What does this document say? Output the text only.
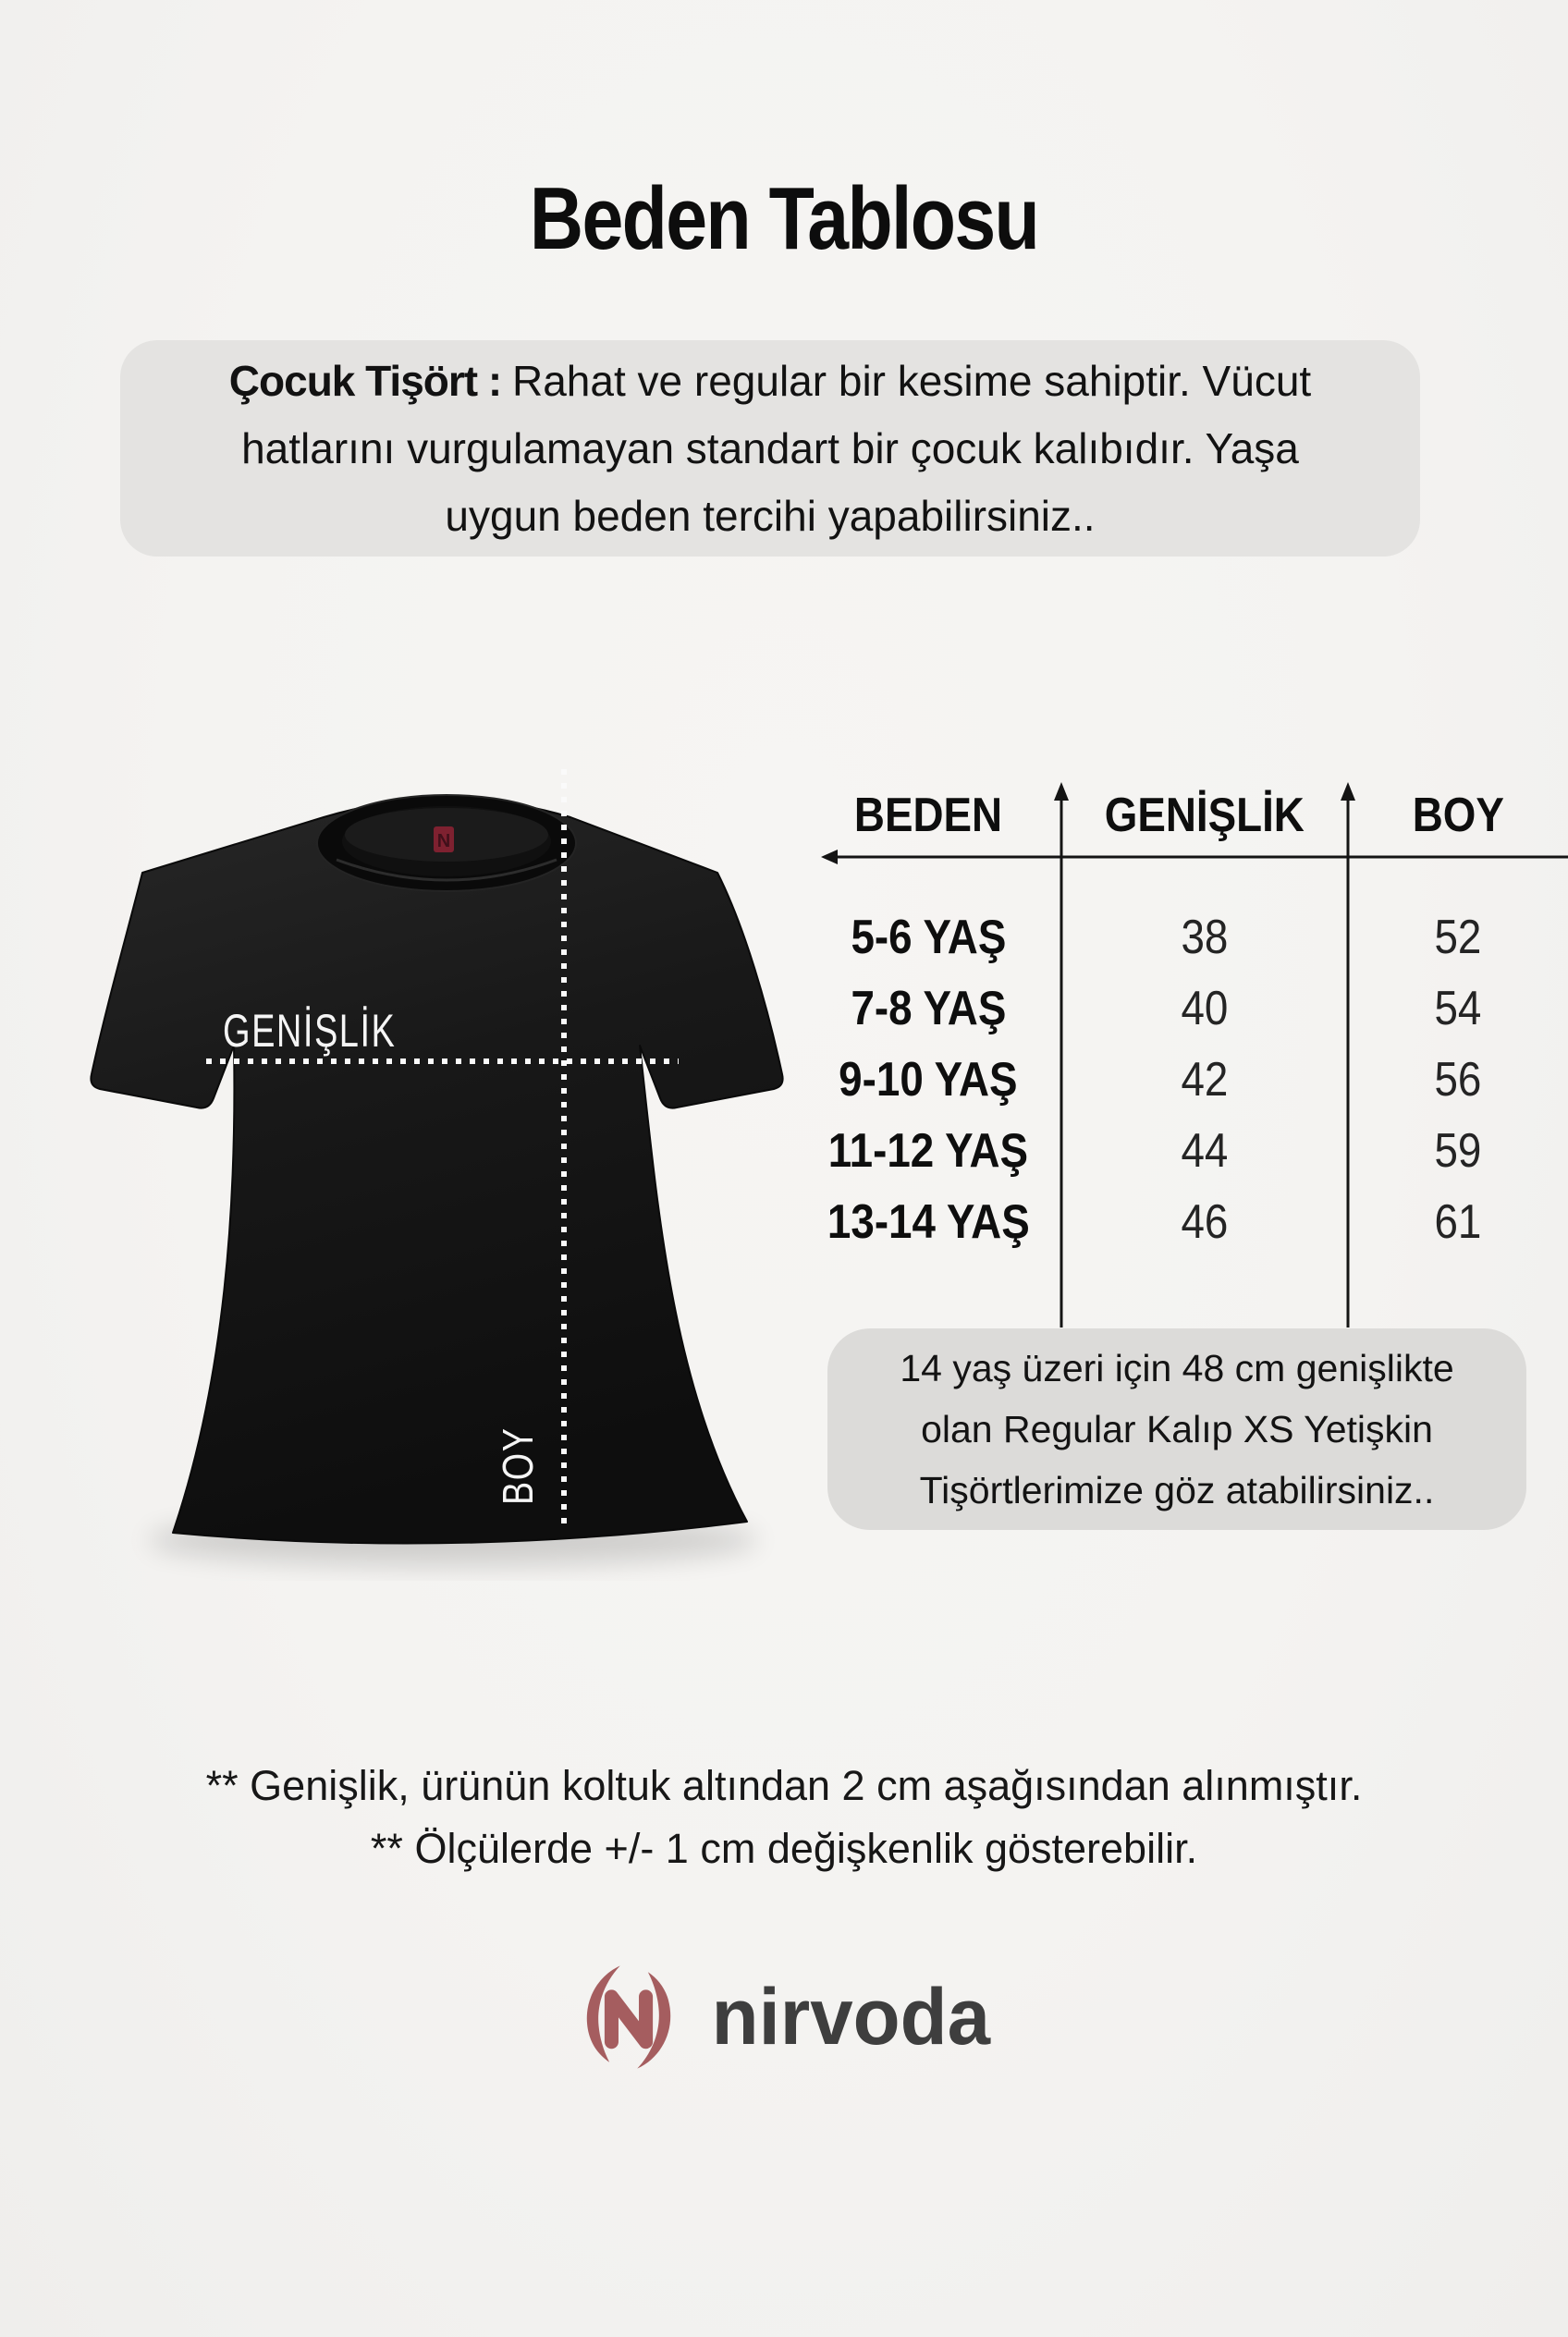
Beden Tablosu
Çocuk Tişört : Rahat ve regular bir kesime sahiptir. Vücut
hatlarını vurgulamayan standart bir çocuk kalıbıdır. Yaşa
uygun beden tercihi yapabilirsiniz..
N
GENİŞLİK
BOY
BEDEN	GENİŞLİK	BOY
5-6 YAŞ	38	52
7-8 YAŞ	40	54
9-10 YAŞ	42	56
11-12 YAŞ	44	59
13-14 YAŞ	46	61
14 yaş üzeri için 48 cm genişlikte
olan Regular Kalıp XS Yetişkin
Tişörtlerimize göz atabilirsiniz..
** Genişlik, ürünün koltuk altından 2 cm aşağısından alınmıştır.
** Ölçülerde +/- 1 cm değişkenlik gösterebilir.
nirvoda
